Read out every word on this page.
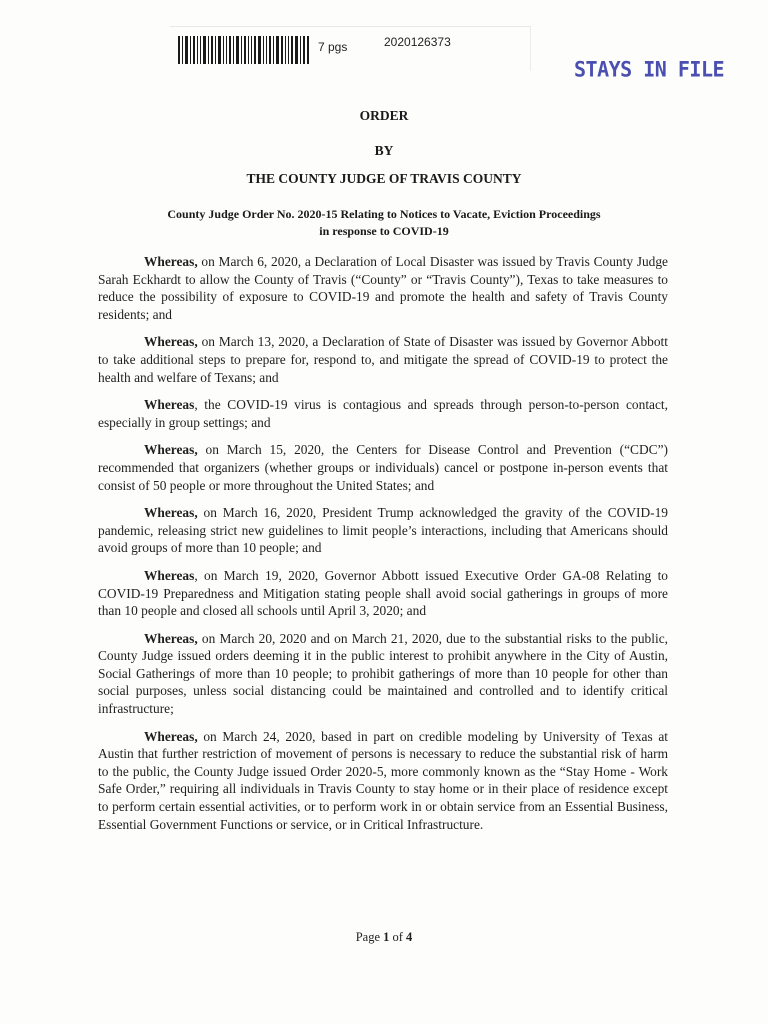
7 pgs	2020126373
STAYS IN FILE
ORDER
BY
THE COUNTY JUDGE OF TRAVIS COUNTY
County Judge Order No. 2020-15 Relating to Notices to Vacate, Eviction Proceedings
in response to COVID-19

Whereas, on March 6, 2020, a Declaration of Local Disaster was issued by Travis County Judge Sarah Eckhardt to allow the County of Travis (“County” or “Travis County”), Texas to take measures to reduce the possibility of exposure to COVID-19 and promote the health and safety of Travis County residents; and

Whereas, on March 13, 2020, a Declaration of State of Disaster was issued by Governor Abbott to take additional steps to prepare for, respond to, and mitigate the spread of COVID-19 to protect the health and welfare of Texans; and

Whereas, the COVID-19 virus is contagious and spreads through person-to-person contact, especially in group settings; and

Whereas, on March 15, 2020, the Centers for Disease Control and Prevention (“CDC”) recommended that organizers (whether groups or individuals) cancel or postpone in-person events that consist of 50 people or more throughout the United States; and

Whereas, on March 16, 2020, President Trump acknowledged the gravity of the COVID-19 pandemic, releasing strict new guidelines to limit people’s interactions, including that Americans should avoid groups of more than 10 people; and

Whereas, on March 19, 2020, Governor Abbott issued Executive Order GA-08 Relating to COVID-19 Preparedness and Mitigation stating people shall avoid social gatherings in groups of more than 10 people and closed all schools until April 3, 2020; and

Whereas, on March 20, 2020 and on March 21, 2020, due to the substantial risks to the public, County Judge issued orders deeming it in the public interest to prohibit anywhere in the City of Austin, Social Gatherings of more than 10 people; to prohibit gatherings of more than 10 people for other than social purposes, unless social distancing could be maintained and controlled and to identify critical infrastructure;

Whereas, on March 24, 2020, based in part on credible modeling by University of Texas at Austin that further restriction of movement of persons is necessary to reduce the substantial risk of harm to the public, the County Judge issued Order 2020-5, more commonly known as the “Stay Home - Work Safe Order,” requiring all individuals in Travis County to stay home or in their place of residence except to perform certain essential activities, or to perform work in or obtain service from an Essential Business, Essential Government Functions or service, or in Critical Infrastructure.

Page 1 of 4
